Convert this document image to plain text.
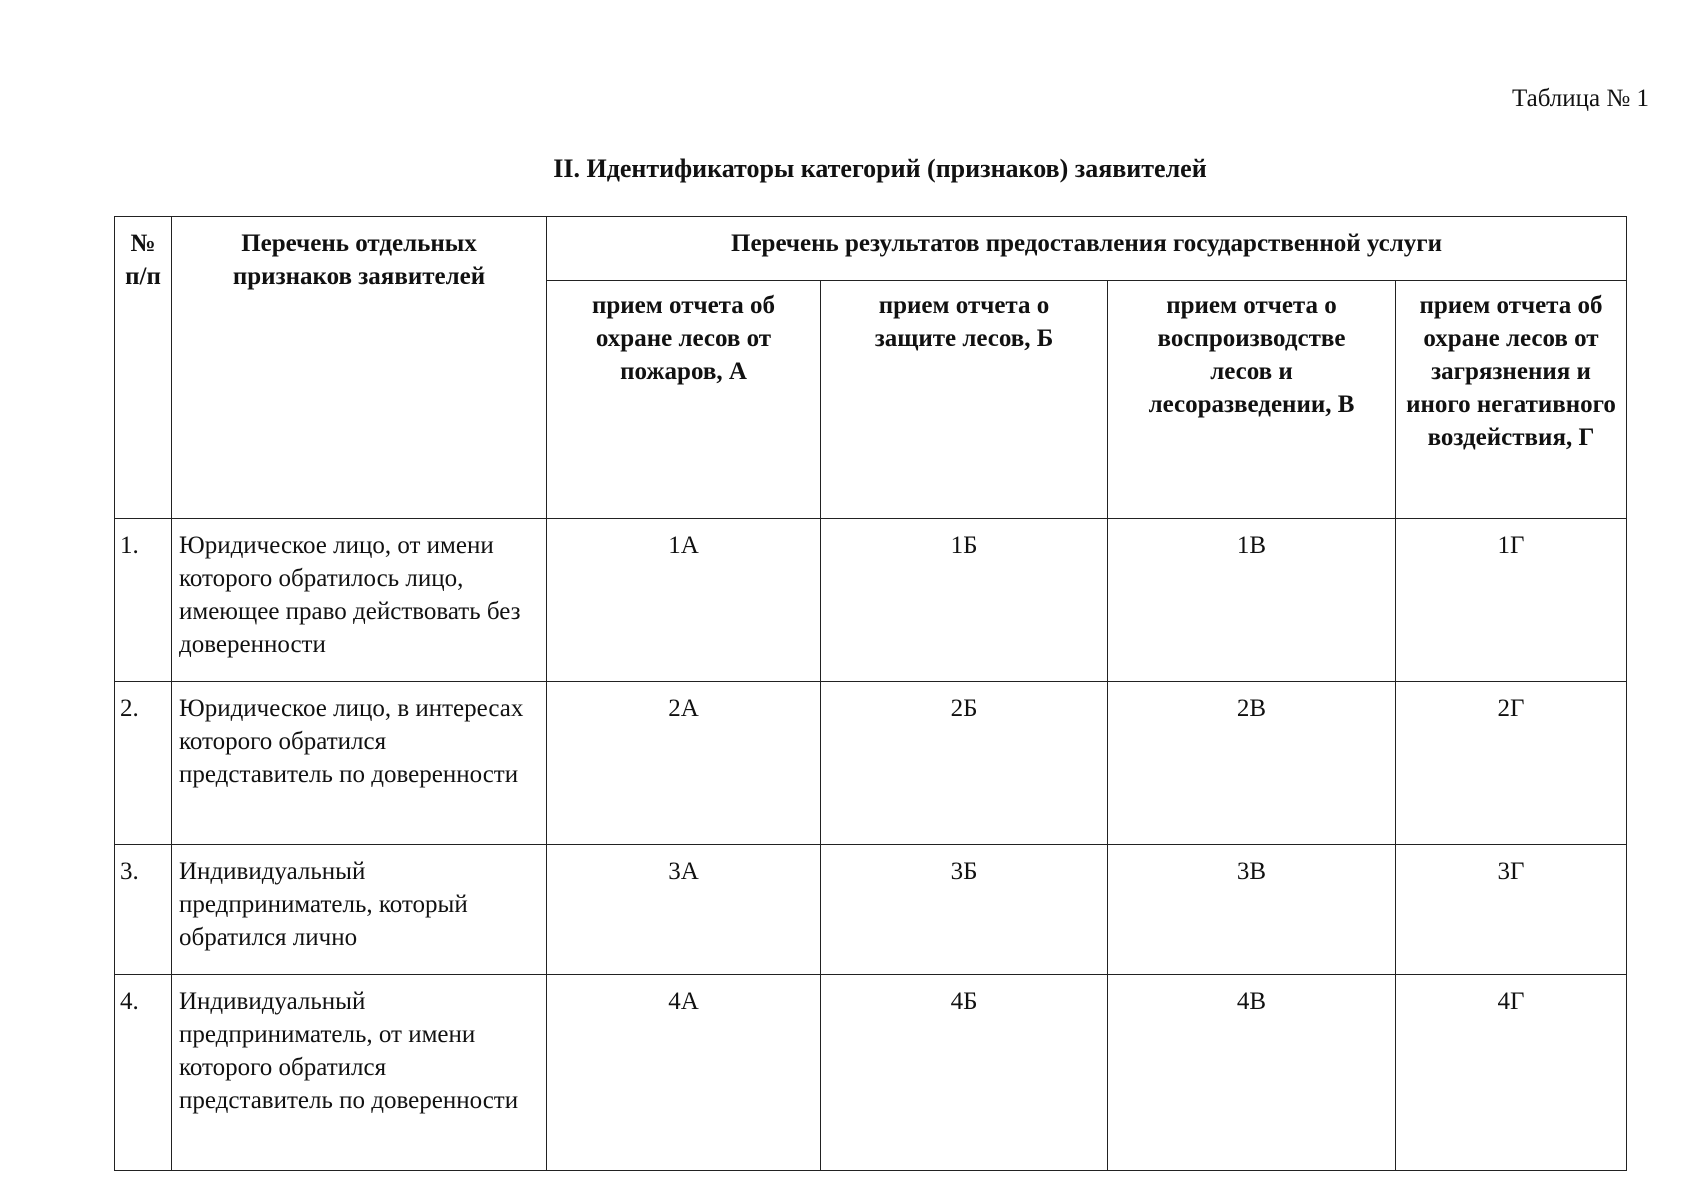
Таблица № 1
II. Идентификаторы категорий (признаков) заявителей
№ п/п	Перечень отдельных признаков заявителей	Перечень результатов предоставления государственной услуги			
		прием отчета об охране лесов от пожаров, А	прием отчета о защите лесов, Б	прием отчета о воспроизводстве лесов и лесоразведении, В	прием отчета об охране лесов от загрязнения и иного негативного воздействия, Г
1.	Юридическое лицо, от имени которого обратилось лицо, имеющее право действовать без доверенности	1А	1Б	1В	1Г
2.	Юридическое лицо, в интересах которого обратился представитель по доверенности	2А	2Б	2В	2Г
3.	Индивидуальный предприниматель, который обратился лично	3А	3Б	3В	3Г
4.	Индивидуальный предприниматель, от имени которого обратился представитель по доверенности	4А	4Б	4В	4Г
